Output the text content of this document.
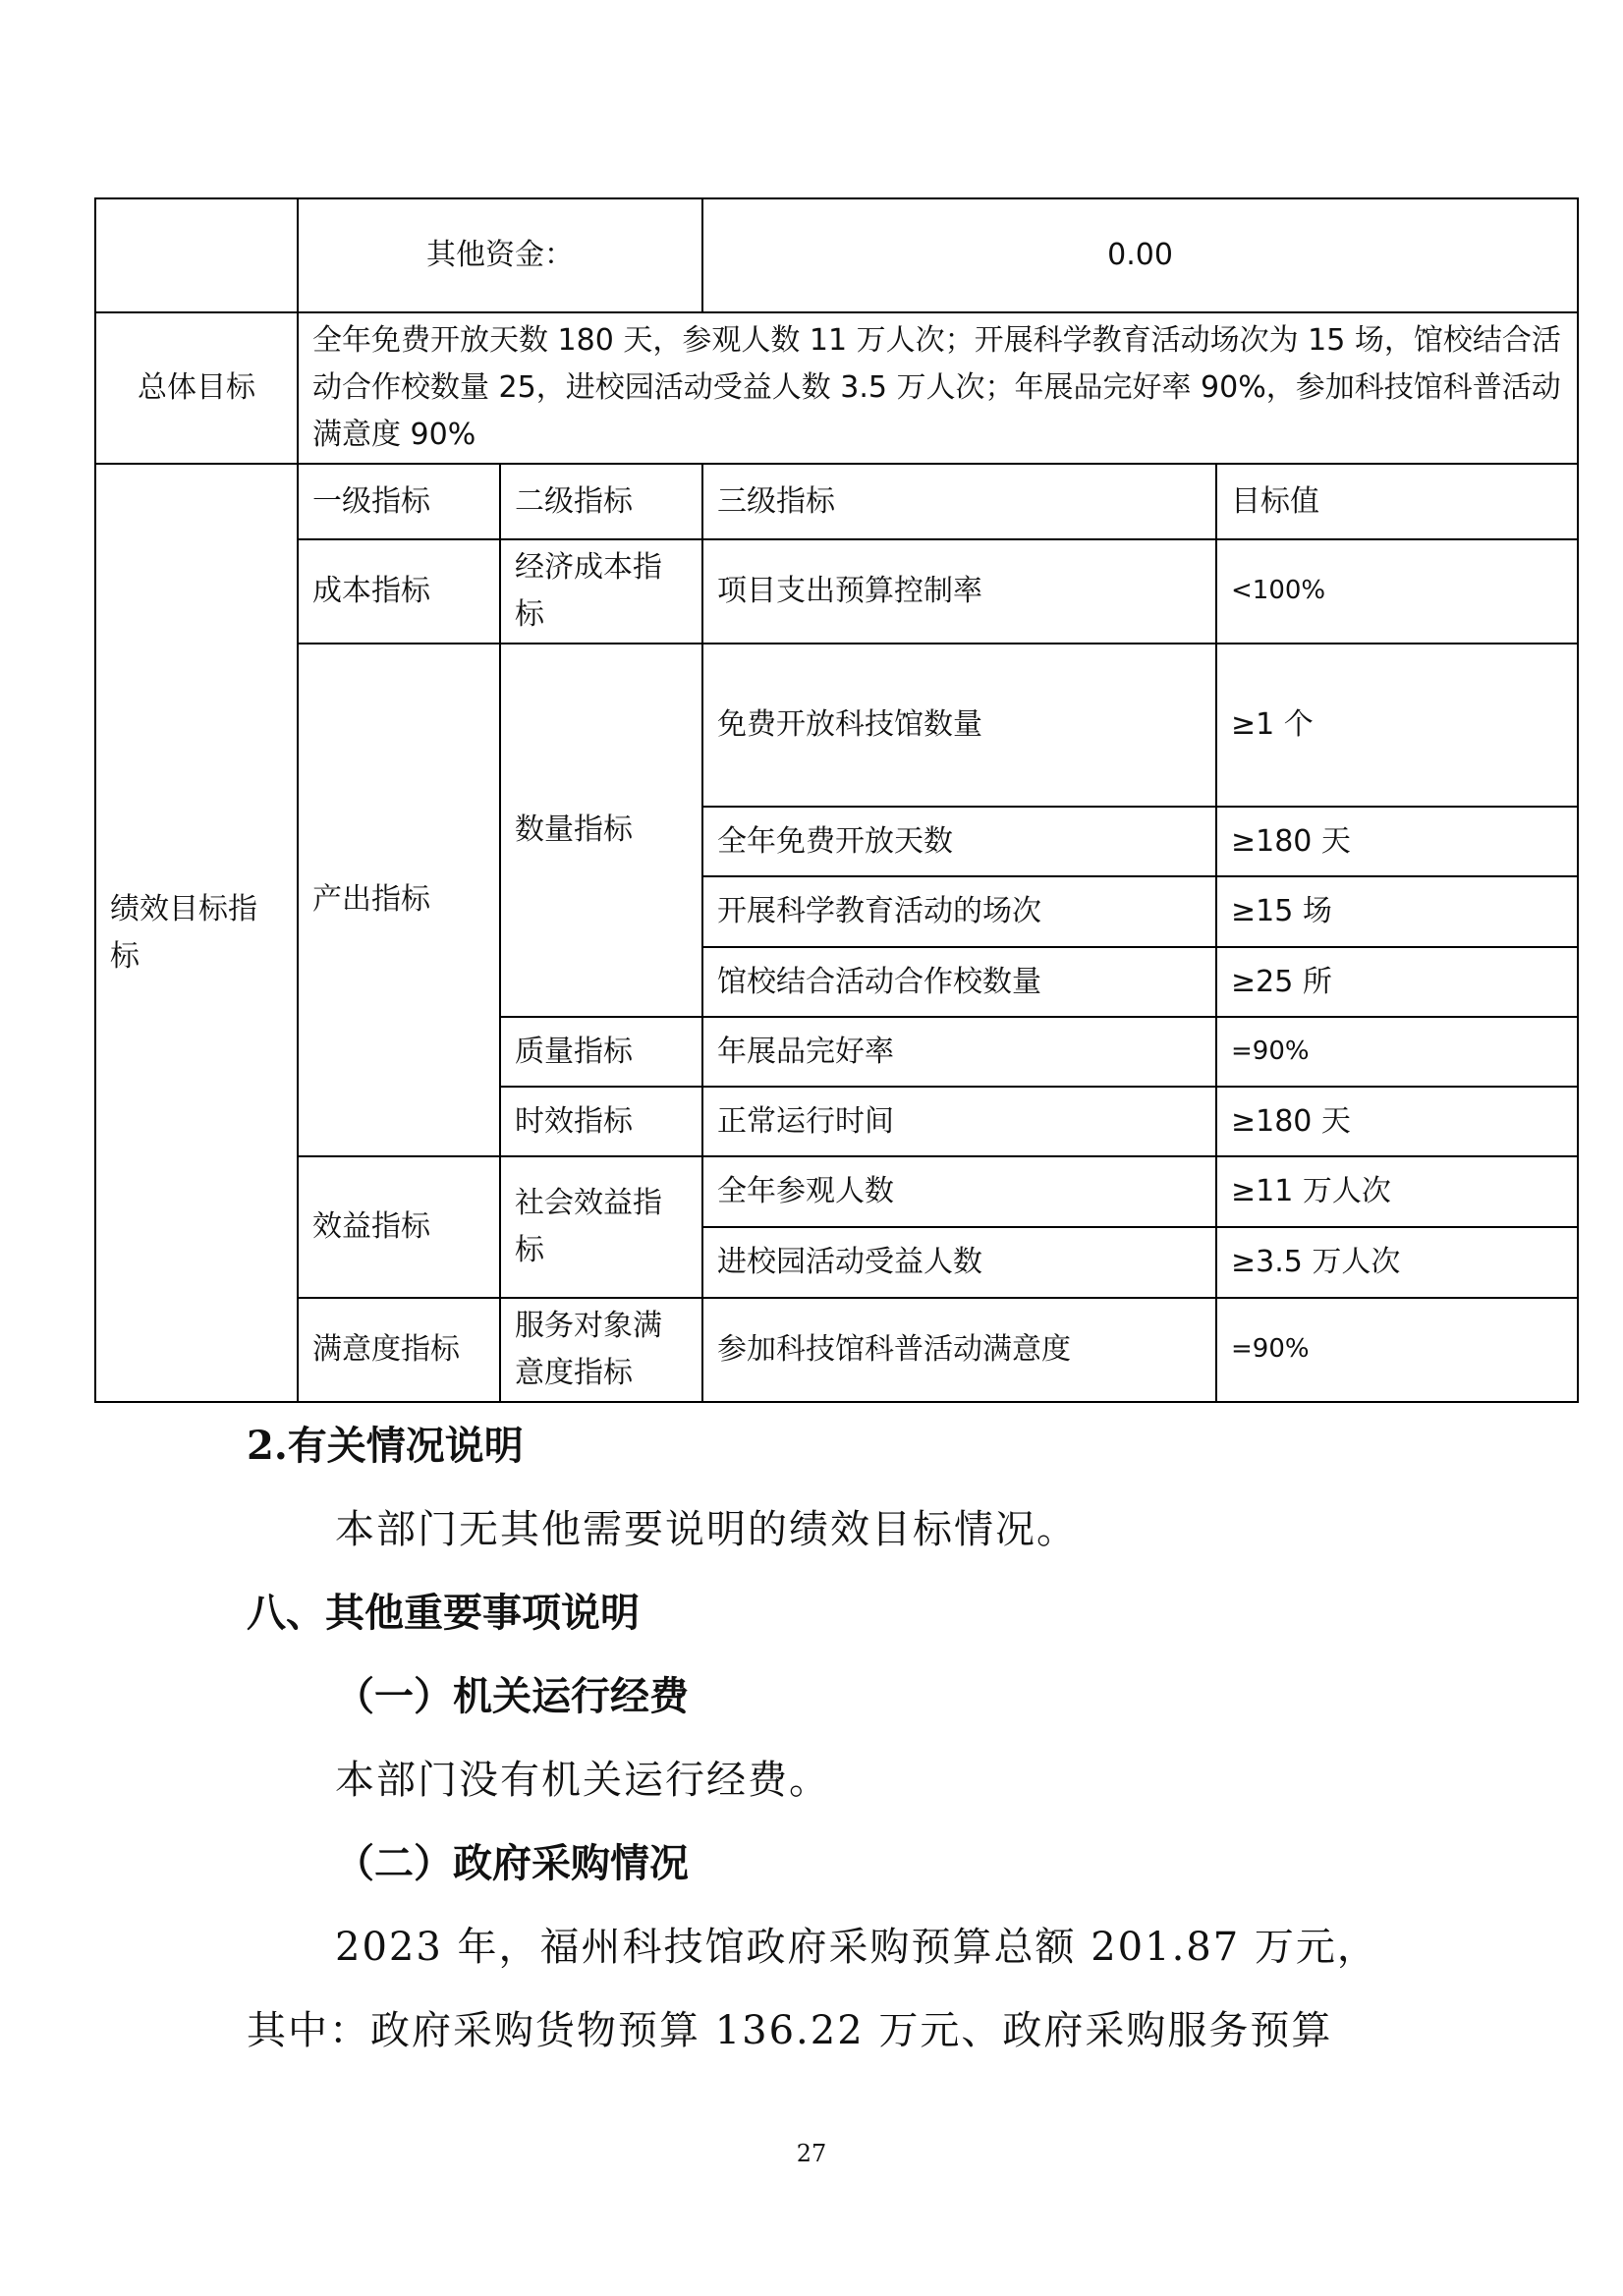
	其他资金：		0.00	
总体目标	全年免费开放天数 180 天，参观人数 11 万人次；开展科学教育活动场次为 15 场，馆校结合活动合作校数量 25，进校园活动受益人数 3.5 万人次；年展品完好率 90%，参加科技馆科普活动满意度 90%			
绩效目标指标	一级指标	二级指标	三级指标	目标值
	成本指标	经济成本指标	项目支出预算控制率	<100%
	产出指标	数量指标	免费开放科技馆数量	≥1 个
			全年免费开放天数	≥180 天
			开展科学教育活动的场次	≥15 场
			馆校结合活动合作校数量	≥25 所
		质量指标	年展品完好率	=90%
		时效指标	正常运行时间	≥180 天
	效益指标	社会效益指标	全年参观人数	≥11 万人次
			进校园活动受益人数	≥3.5 万人次
	满意度指标	服务对象满意度指标	参加科技馆科普活动满意度	=90%
2.有关情况说明
本部门无其他需要说明的绩效目标情况。
八、其他重要事项说明
（一）机关运行经费
本部门没有机关运行经费。
（二）政府采购情况
2023 年，福州科技馆政府采购预算总额 201.87 万元，
其中：政府采购货物预算 136.22 万元、政府采购服务预算
27
